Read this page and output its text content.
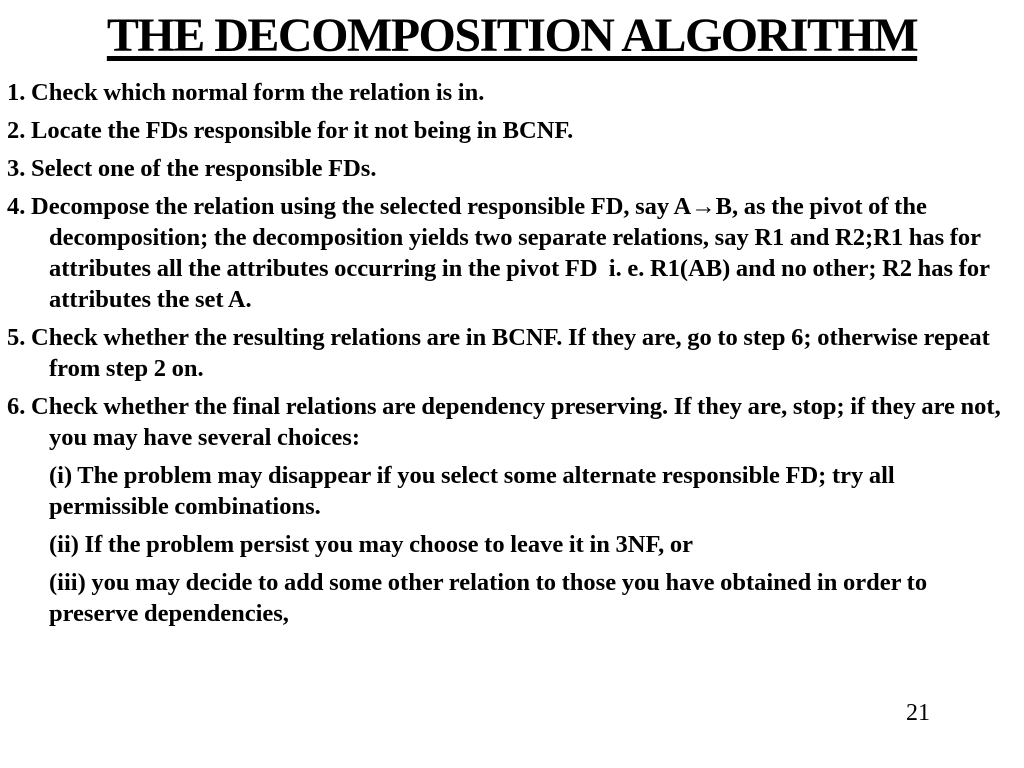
THE DECOMPOSITION ALGORITHM

1. Check which normal form the relation is in.

2. Locate the FDs responsible for it not being in BCNF.

3. Select one of the responsible FDs.

4. Decompose the relation using the selected responsible FD, say A→B, as the pivot of the decomposition; the decomposition yields two separate relations, say R1 and R2;R1 has for attributes all the attributes occurring in the pivot FD  i. e. R1(AB) and no other; R2 has for attributes the set A.

5. Check whether the resulting relations are in BCNF. If they are, go to step 6; otherwise repeat from step 2 on.

6. Check whether the final relations are dependency preserving. If they are, stop; if they are not, you may have several choices:

(i) The problem may disappear if you select some alternate responsible FD; try all permissible combinations.

(ii) If the problem persist you may choose to leave it in 3NF, or

(iii) you may decide to add some other relation to those you have obtained in order to preserve dependencies,

21
